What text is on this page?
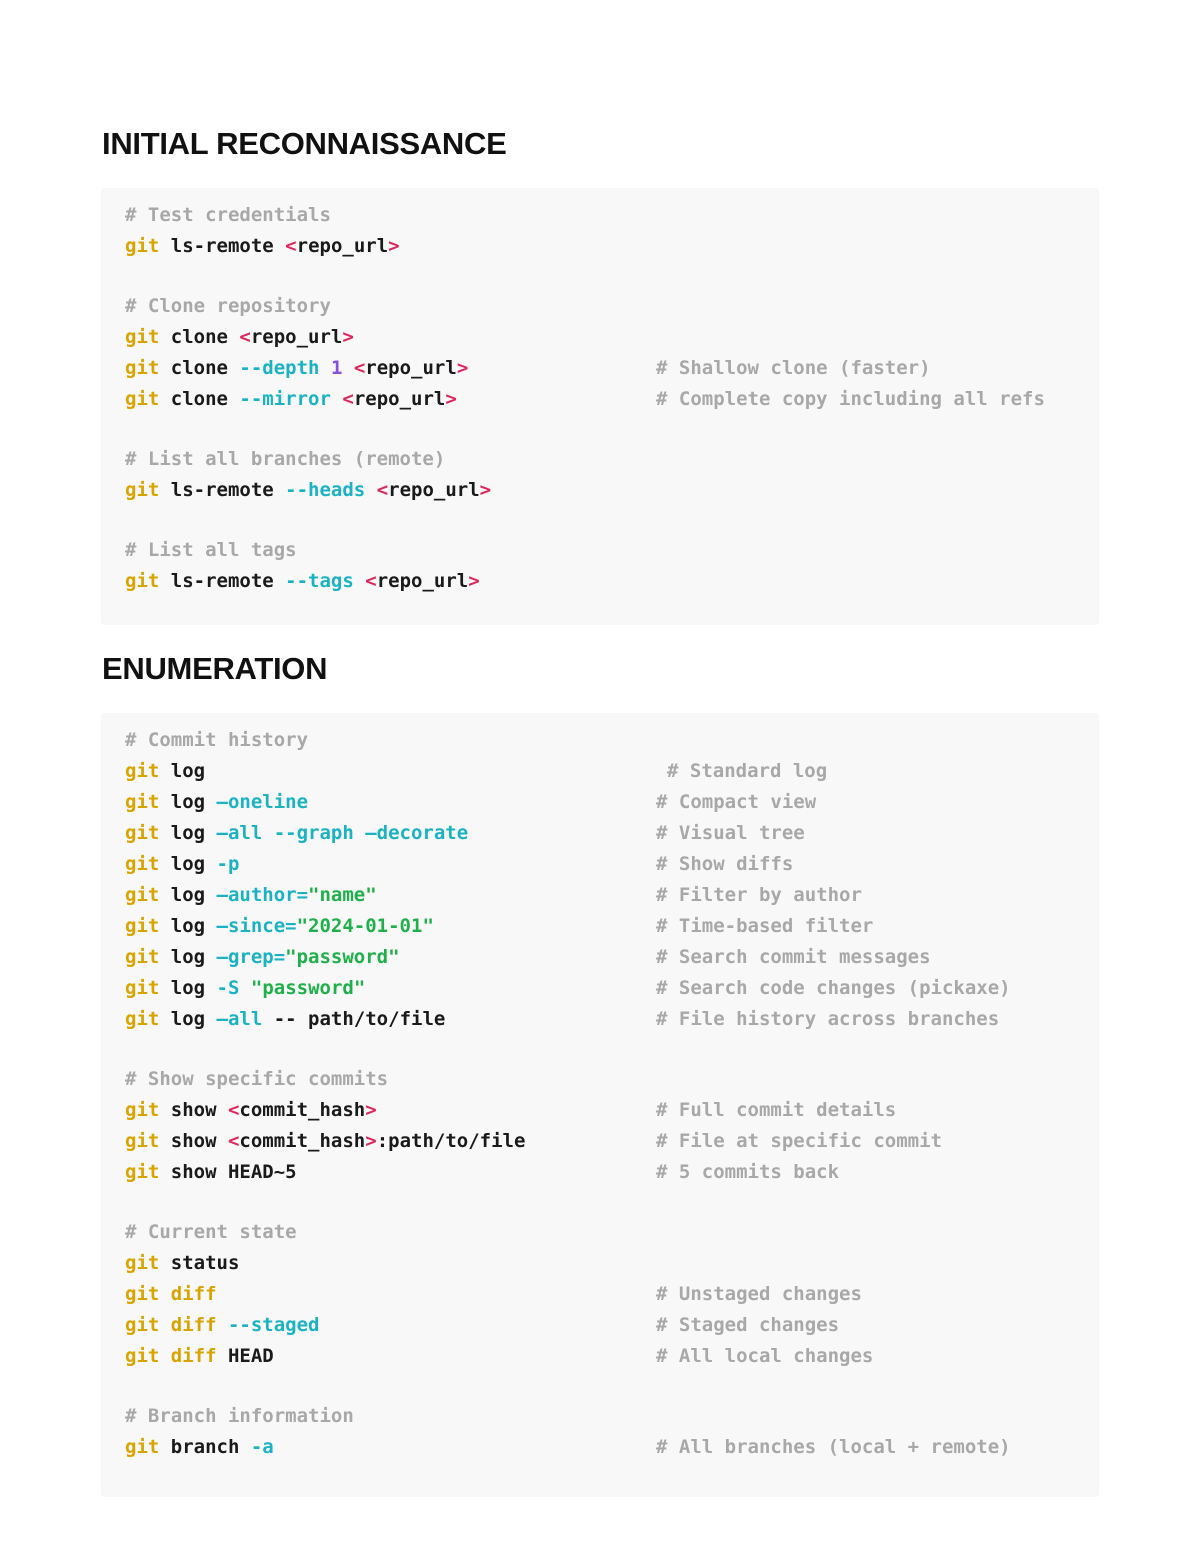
INITIAL RECONNAISSANCE
# Test credentials
git ls-remote <repo_url>
# Clone repository
git clone <repo_url>
git clone --depth 1 <repo_url>	# Shallow clone (faster)
git clone --mirror <repo_url>	# Complete copy including all refs
# List all branches (remote)
git ls-remote --heads <repo_url>
# List all tags
git ls-remote --tags <repo_url>
ENUMERATION
# Commit history
git log	# Standard log
git log —oneline	# Compact view
git log —all --graph —decorate	# Visual tree
git log -p	# Show diffs
git log —author="name"	# Filter by author
git log —since="2024-01-01"	# Time-based filter
git log —grep="password"	# Search commit messages
git log -S "password"	# Search code changes (pickaxe)
git log —all -- path/to/file	# File history across branches
# Show specific commits
git show <commit_hash>	# Full commit details
git show <commit_hash>:path/to/file	# File at specific commit
git show HEAD~5	# 5 commits back
# Current state
git status
git diff	# Unstaged changes
git diff --staged	# Staged changes
git diff HEAD	# All local changes
# Branch information
git branch -a	# All branches (local + remote)
